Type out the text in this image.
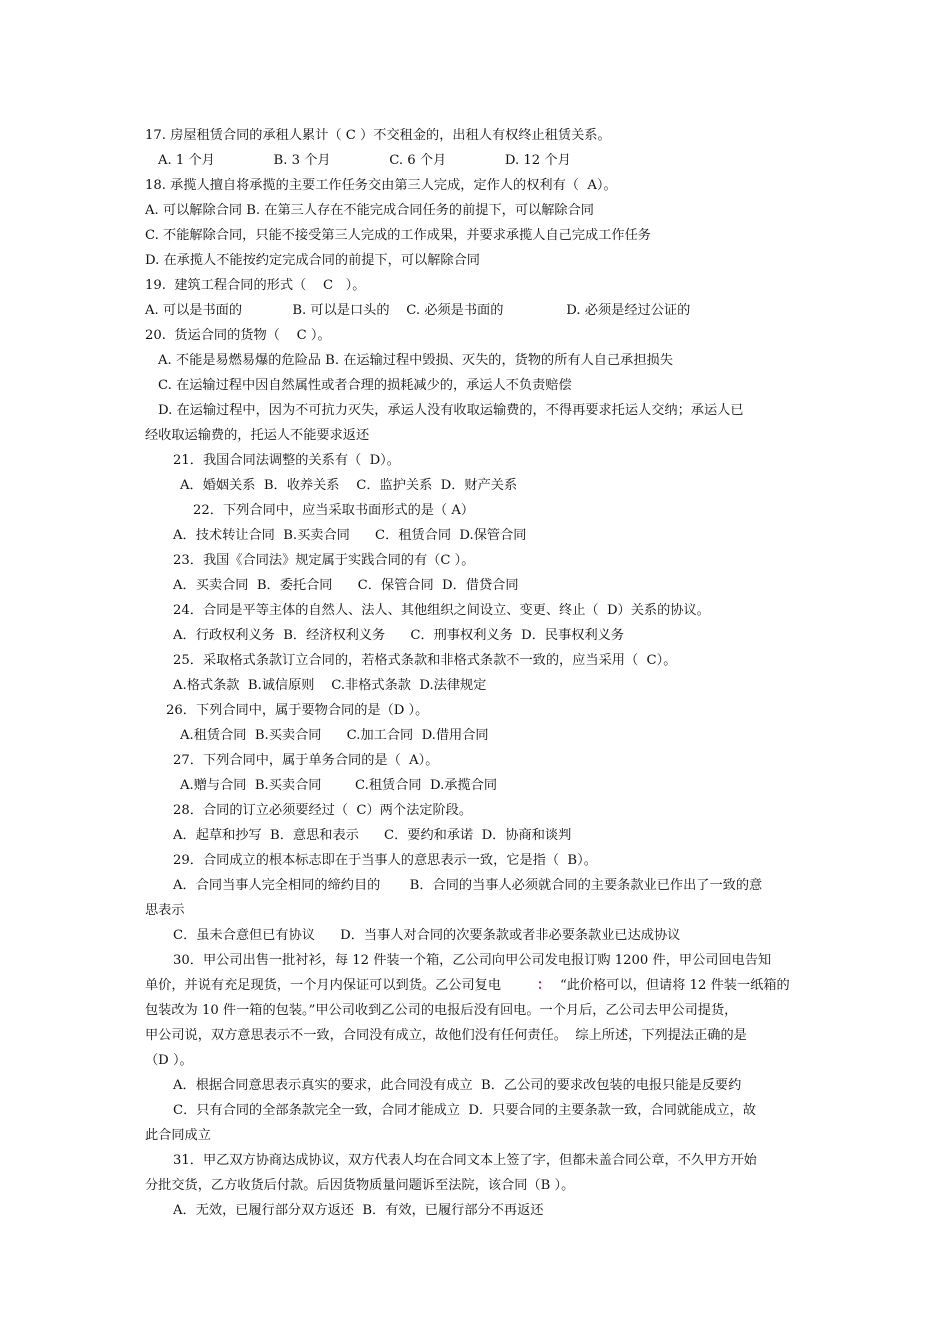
17. 房屋租赁合同的承租人累计（ C ）不交租金的，出租人有权终止租赁关系。
A. 1 个月              B. 3 个月              C. 6 个月              D. 12 个月
18. 承揽人擅自将承揽的主要工作任务交由第三人完成，定作人的权利有（  A）。
A. 可以解除合同 B. 在第三人存在不能完成合同任务的前提下，可以解除合同
C. 不能解除合同，只能不接受第三人完成的工作成果，并要求承揽人自己完成工作任务
D. 在承揽人不能按约定完成合同的前提下，可以解除合同
19.  建筑工程合同的形式（    C   ）。
A. 可以是书面的            B. 可以是口头的    C. 必须是书面的               D. 必须是经过公证的
20.  货运合同的货物（    C ）。
A. 不能是易燃易爆的危险品 B. 在运输过程中毁损、灭失的，货物的所有人自己承担损失
C. 在运输过程中因自然属性或者合理的损耗减少的，承运人不负责赔偿
D. 在运输过程中，因为不可抗力灭失，承运人没有收取运输费的，不得再要求托运人交纳；承运人已
经收取运输费的，托运人不能要求返还
21．我国合同法调整的关系有（  D）。
A．婚姻关系  B．收养关系    C．监护关系  D．财产关系
22．下列合同中，应当采取书面形式的是（ A）
A．技术转让合同  B.买卖合同      C．租赁合同  D.保管合同
23．我国《合同法》规定属于实践合同的有（C ）。
A．买卖合同  B．委托合同      C．保管合同  D．借贷合同
24．合同是平等主体的自然人、法人、其他组织之间设立、变更、终止（  D）关系的协议。
A．行政权利义务  B．经济权利义务      C．刑事权利义务  D．民事权利义务
25．采取格式条款订立合同的，若格式条款和非格式条款不一致的，应当采用（  C）。
A.格式条款  B.诚信原则    C.非格式条款  D.法律规定
26．下列合同中，属于要物合同的是（D ）。
A.租赁合同  B.买卖合同      C.加工合同  D.借用合同
27．下列合同中，属于单务合同的是（  A）。
A.赠与合同  B.买卖合同        C.租赁合同  D.承揽合同
28．合同的订立必须要经过（  C）两个法定阶段。
A．起草和抄写  B．意思和表示      C．要约和承诺  D．协商和谈判
29．合同成立的根本标志即在于当事人的意思表示一致，它是指（  B）。
A．合同当事人完全相同的缔约目的       B．合同的当事人必须就合同的主要条款业已作出了一致的意
思表示
C．虽未合意但已有协议      D．当事人对合同的次要条款或者非必要条款业已达成协议
30．甲公司出售一批衬衫，每 12 件装一个箱，乙公司向甲公司发电报订购 1200 件，甲公司回电告知
单价，并说有充足现货，一个月内保证可以到货。乙公司复电	： “此价格可以，但请将 12 件装一纸箱的
包装改为 10 件一箱的包装。”甲公司收到乙公司的电报后没有回电。一个月后，乙公司去甲公司提货，
甲公司说，双方意思表示不一致，合同没有成立，故他们没有任何责任。  综上所述，下列提法正确的是
（D ）。
A．根据合同意思表示真实的要求，此合同没有成立  B．乙公司的要求改包装的电报只能是反要约
C．只有合同的全部条款完全一致，合同才能成立  D．只要合同的主要条款一致，合同就能成立，故
此合同成立
31．甲乙双方协商达成协议，双方代表人均在合同文本上签了字，但都未盖合同公章，不久甲方开始
分批交货，乙方收货后付款。后因货物质量问题诉至法院，该合同（B ）。
A．无效，已履行部分双方返还  B．有效，已履行部分不再返还
